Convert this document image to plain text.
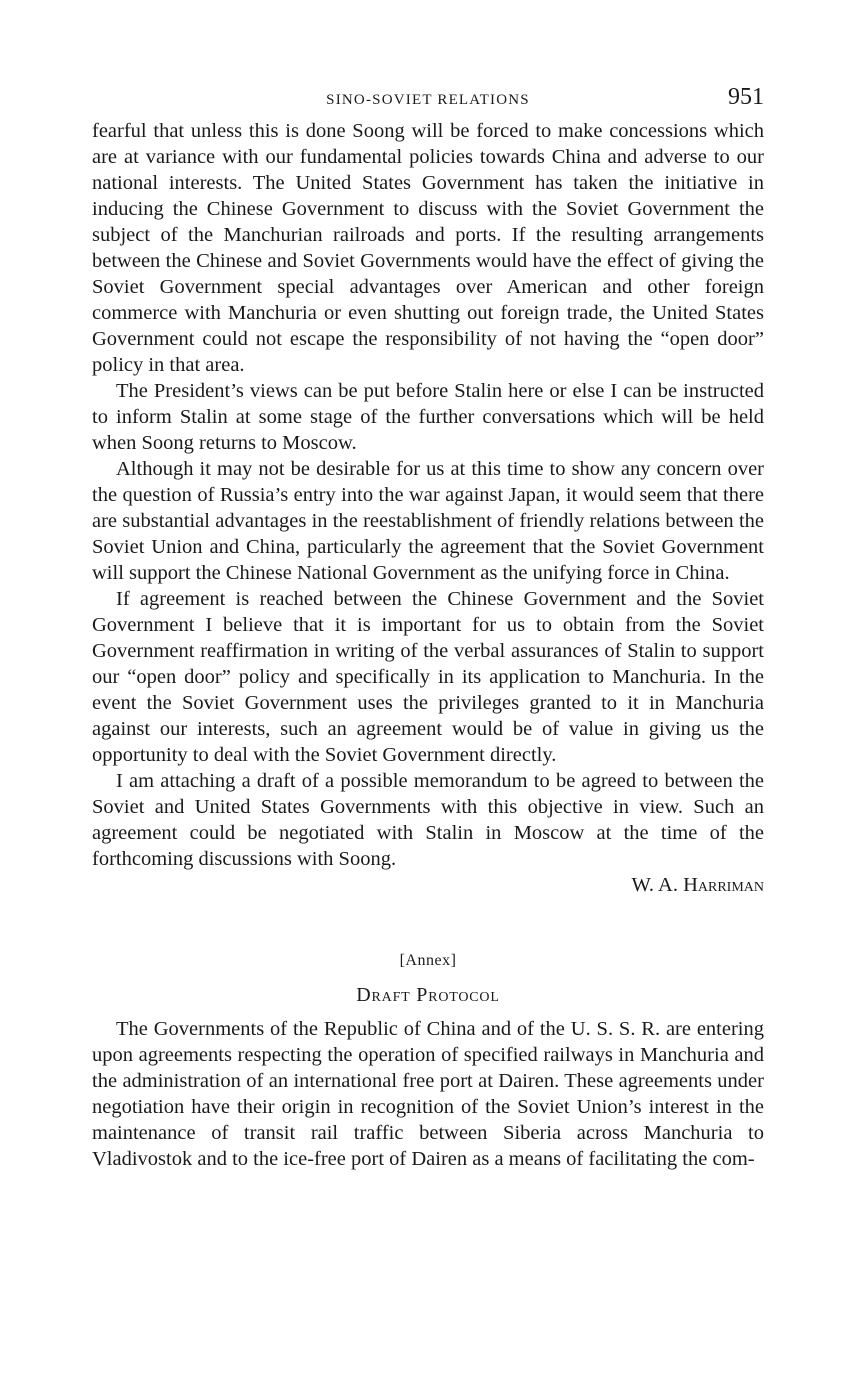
SINO-SOVIET RELATIONS	951

fearful that unless this is done Soong will be forced to make concessions which are at variance with our fundamental policies towards China and adverse to our national interests. The United States Government has taken the initiative in inducing the Chinese Government to discuss with the Soviet Government the subject of the Manchurian railroads and ports. If the resulting arrangements between the Chinese and Soviet Governments would have the effect of giving the Soviet Government special advantages over American and other foreign commerce with Manchuria or even shutting out foreign trade, the United States Government could not escape the responsibility of not having the “open door” policy in that area.

The President’s views can be put before Stalin here or else I can be instructed to inform Stalin at some stage of the further conversations which will be held when Soong returns to Moscow.

Although it may not be desirable for us at this time to show any concern over the question of Russia’s entry into the war against Japan, it would seem that there are substantial advantages in the reestablishment of friendly relations between the Soviet Union and China, particularly the agreement that the Soviet Government will support the Chinese National Government as the unifying force in China.

If agreement is reached between the Chinese Government and the Soviet Government I believe that it is important for us to obtain from the Soviet Government reaffirmation in writing of the verbal assurances of Stalin to support our “open door” policy and specifically in its application to Manchuria. In the event the Soviet Government uses the privileges granted to it in Manchuria against our interests, such an agreement would be of value in giving us the opportunity to deal with the Soviet Government directly.

I am attaching a draft of a possible memorandum to be agreed to between the Soviet and United States Governments with this objective in view. Such an agreement could be negotiated with Stalin in Moscow at the time of the forthcoming discussions with Soong.

W. A. Harriman

[Annex]
Draft Protocol

The Governments of the Republic of China and of the U. S. S. R. are entering upon agreements respecting the operation of specified railways in Manchuria and the administration of an international free port at Dairen. These agreements under negotiation have their origin in recognition of the Soviet Union’s interest in the maintenance of transit rail traffic between Siberia across Manchuria to Vladivostok and to the ice-free port of Dairen as a means of facilitating the com-
